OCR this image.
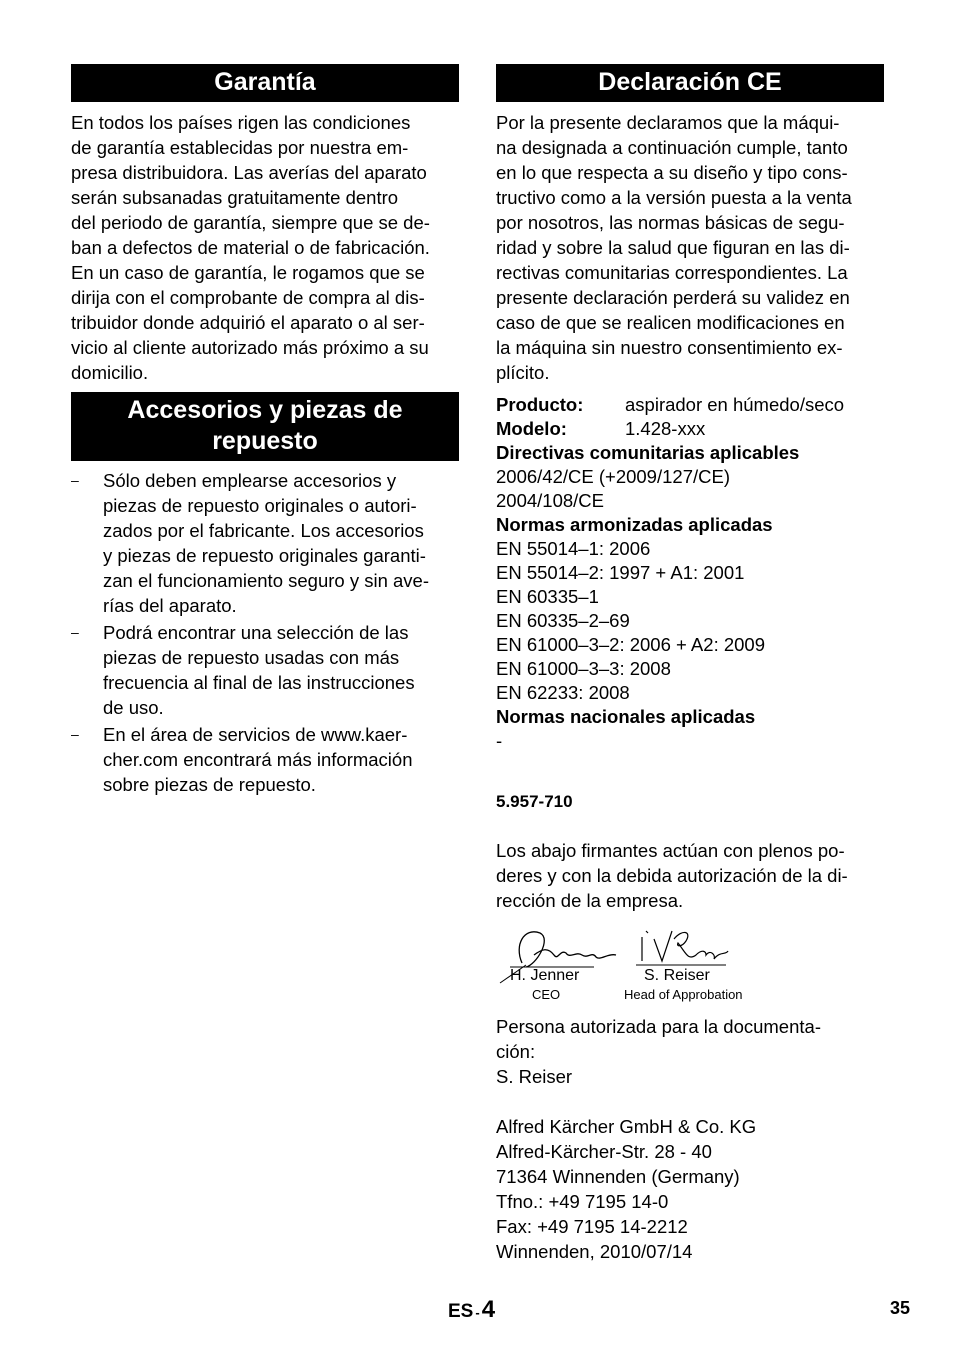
Garantía
En todos los países rigen las condiciones
de garantía establecidas por nuestra em-
presa distribuidora. Las averías del aparato
serán subsanadas gratuitamente dentro
del periodo de garantía, siempre que se de-
ban a defectos de material o de fabricación.
En un caso de garantía, le rogamos que se
dirija con el comprobante de compra al dis-
tribuidor donde adquirió el aparato o al ser-
vicio al cliente autorizado más próximo a su
domicilio.
Accesorios y piezas de
repuesto
– Sólo deben emplearse accesorios y
piezas de repuesto originales o autori-
zados por el fabricante. Los accesorios
y piezas de repuesto originales garanti-
zan el funcionamiento seguro y sin ave-
rías del aparato.
– Podrá encontrar una selección de las
piezas de repuesto usadas con más
frecuencia al final de las instrucciones
de uso.
– En el área de servicios de www.kaer-
cher.com encontrará más información
sobre piezas de repuesto.
Declaración CE
Por la presente declaramos que la máqui-
na designada a continuación cumple, tanto
en lo que respecta a su diseño y tipo cons-
tructivo como a la versión puesta a la venta
por nosotros, las normas básicas de segu-
ridad y sobre la salud que figuran en las di-
rectivas comunitarias correspondientes. La
presente declaración perderá su validez en
caso de que se realicen modificaciones en
la máquina sin nuestro consentimiento ex-
plícito.
Producto:	aspirador en húmedo/seco
Modelo:	1.428-xxx
Directivas comunitarias aplicables
2006/42/CE (+2009/127/CE)
2004/108/CE
Normas armonizadas aplicadas
EN 55014–1: 2006
EN 55014–2: 1997 + A1: 2001
EN 60335–1
EN 60335–2–69
EN 61000–3–2: 2006 + A2: 2009
EN 61000–3–3: 2008
EN 62233: 2008
Normas nacionales aplicadas
-
5.957-710
Los abajo firmantes actúan con plenos po-
deres y con la debida autorización de la di-
rección de la empresa.
H. Jenner
CEO
S. Reiser
Head of Approbation
Persona autorizada para la documenta-
ción:
S. Reiser
Alfred Kärcher GmbH & Co. KG
Alfred-Kärcher-Str. 28 - 40
71364 Winnenden (Germany)
Tfno.: +49 7195 14-0
Fax: +49 7195 14-2212
Winnenden, 2010/07/14
ES -4	35
